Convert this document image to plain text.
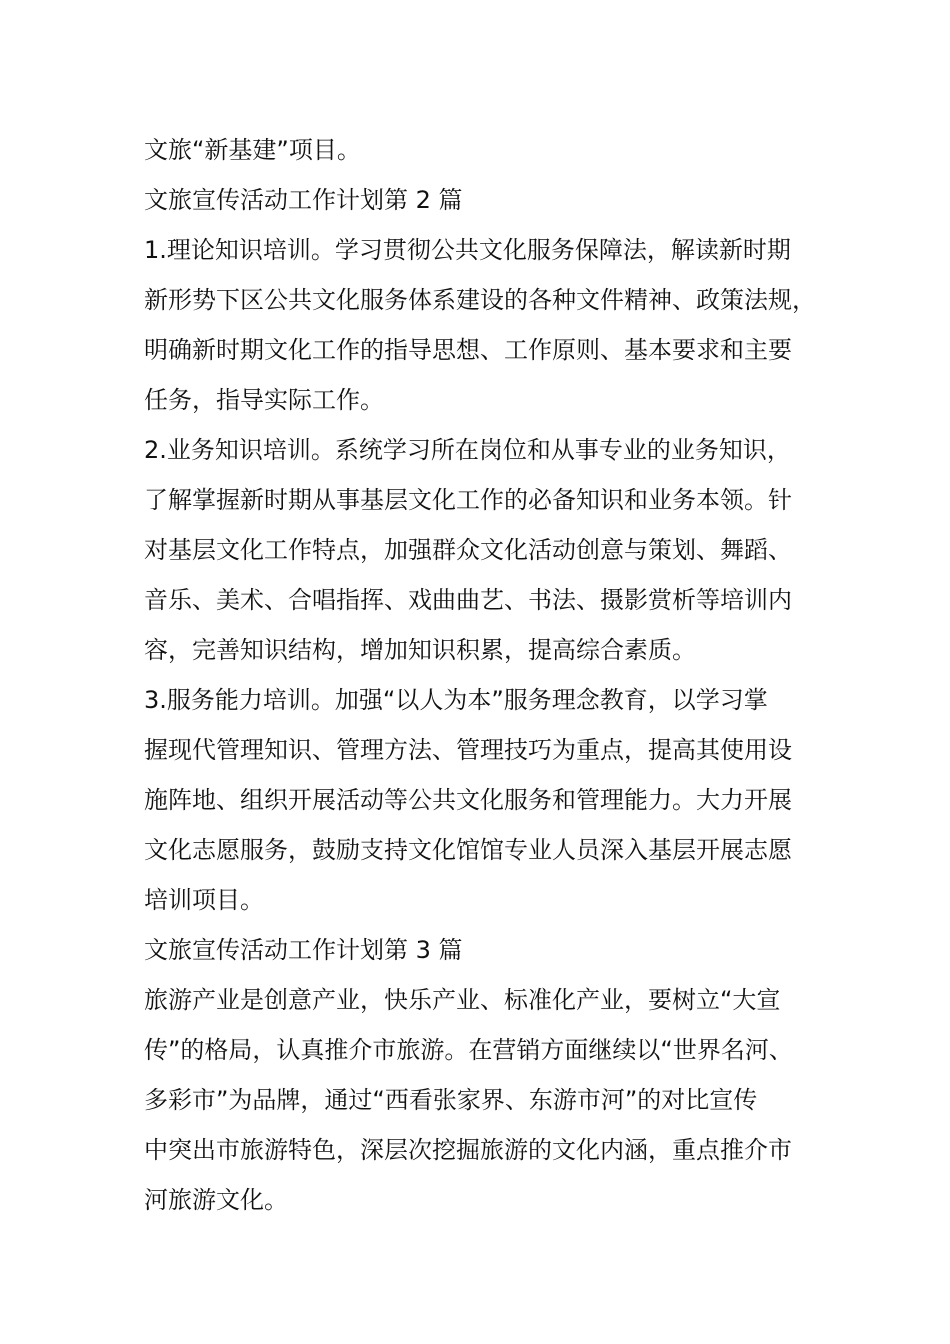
文旅“新基建”项目。
文旅宣传活动工作计划第 2 篇
1.理论知识培训。学习贯彻公共文化服务保障法，解读新时期
新形势下区公共文化服务体系建设的各种文件精神、政策法规，
明确新时期文化工作的指导思想、工作原则、基本要求和主要
任务，指导实际工作。
2.业务知识培训。系统学习所在岗位和从事专业的业务知识，
了解掌握新时期从事基层文化工作的必备知识和业务本领。针
对基层文化工作特点，加强群众文化活动创意与策划、舞蹈、
音乐、美术、合唱指挥、戏曲曲艺、书法、摄影赏析等培训内
容，完善知识结构，增加知识积累，提高综合素质。
3.服务能力培训。加强“以人为本”服务理念教育，以学习掌
握现代管理知识、管理方法、管理技巧为重点，提高其使用设
施阵地、组织开展活动等公共文化服务和管理能力。大力开展
文化志愿服务，鼓励支持文化馆馆专业人员深入基层开展志愿
培训项目。
文旅宣传活动工作计划第 3 篇
旅游产业是创意产业，快乐产业、标准化产业，要树立“大宣
传”的格局，认真推介市旅游。在营销方面继续以“世界名河、
多彩市”为品牌，通过“西看张家界、东游市河”的对比宣传
中突出市旅游特色，深层次挖掘旅游的文化内涵，重点推介市
河旅游文化。
